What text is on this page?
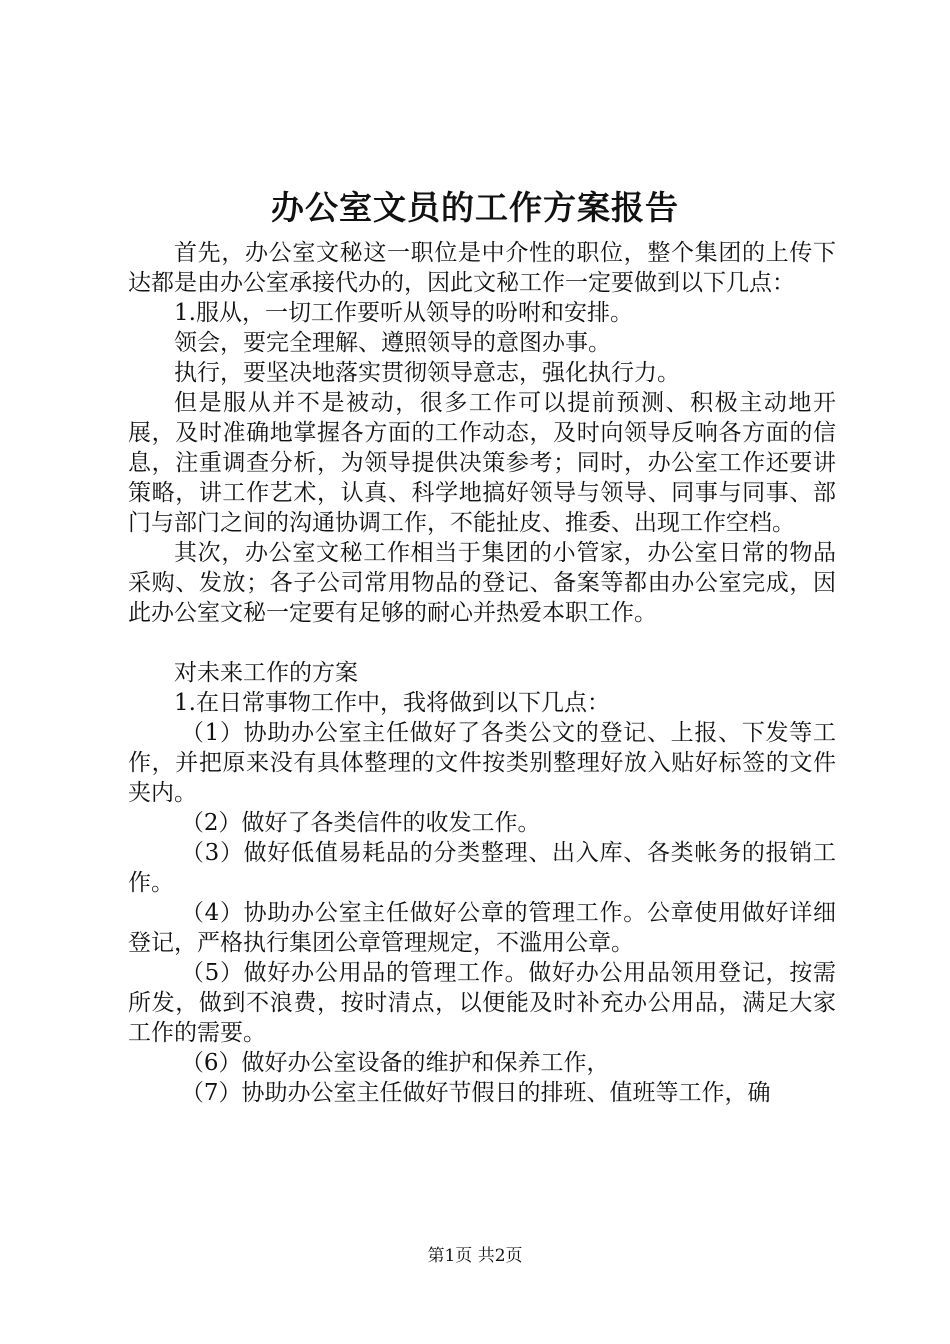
办公室文员的工作方案报告

首先，办公室文秘这一职位是中介性的职位，整个集团的上传下达都是由办公室承接代办的，因此文秘工作一定要做到以下几点：

1.服从，一切工作要听从领导的吩咐和安排。

领会，要完全理解、遵照领导的意图办事。

执行，要坚决地落实贯彻领导意志，强化执行力。

但是服从并不是被动，很多工作可以提前预测、积极主动地开展，及时准确地掌握各方面的工作动态，及时向领导反响各方面的信息，注重调查分析，为领导提供决策参考；同时，办公室工作还要讲策略，讲工作艺术，认真、科学地搞好领导与领导、同事与同事、部门与部门之间的沟通协调工作，不能扯皮、推委、出现工作空档。

其次，办公室文秘工作相当于集团的小管家，办公室日常的物品采购、发放；各子公司常用物品的登记、备案等都由办公室完成，因此办公室文秘一定要有足够的耐心并热爱本职工作。

对未来工作的方案

1.在日常事物工作中，我将做到以下几点：

（1）协助办公室主任做好了各类公文的登记、上报、下发等工作，并把原来没有具体整理的文件按类别整理好放入贴好标签的文件夹内。

（2）做好了各类信件的收发工作。

（3）做好低值易耗品的分类整理、出入库、各类帐务的报销工作。

（4）协助办公室主任做好公章的管理工作。公章使用做好详细登记，严格执行集团公章管理规定，不滥用公章。

（5）做好办公用品的管理工作。做好办公用品领用登记，按需所发，做到不浪费，按时清点，以便能及时补充办公用品，满足大家工作的需要。

（6）做好办公室设备的维护和保养工作，

（7）协助办公室主任做好节假日的排班、值班等工作，确

第1页 共2页
